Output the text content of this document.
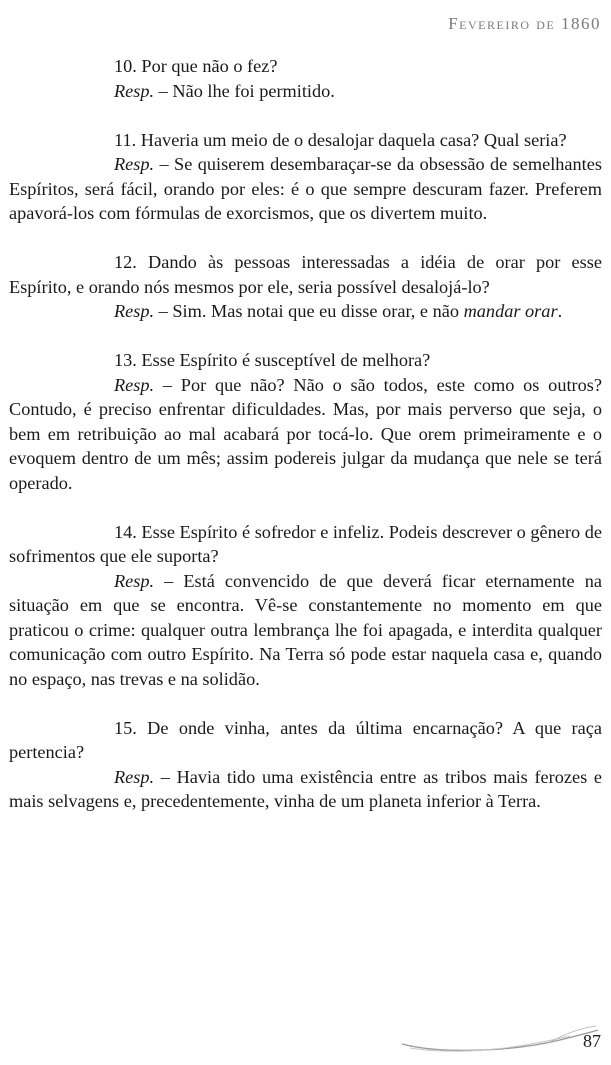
Fevereiro de 1860

10. Por que não o fez?

Resp. – Não lhe foi permitido.

11. Haveria um meio de o desalojar daquela casa? Qual seria?

Resp. – Se quiserem desembaraçar-se da obsessão de semelhantes Espíritos, será fácil, orando por eles: é o que sempre descuram fazer. Preferem apavorá-los com fórmulas de exorcismos, que os divertem muito.

12. Dando às pessoas interessadas a idéia de orar por esse Espírito, e orando nós mesmos por ele, seria possível desalojá-lo?

Resp. – Sim. Mas notai que eu disse orar, e não mandar orar.

13. Esse Espírito é susceptível de melhora?

Resp. – Por que não? Não o são todos, este como os outros? Contudo, é preciso enfrentar dificuldades. Mas, por mais perverso que seja, o bem em retribuição ao mal acabará por tocá-lo. Que orem primeiramente e o evoquem dentro de um mês; assim podereis julgar da mudança que nele se terá operado.

14. Esse Espírito é sofredor e infeliz. Podeis descrever o gênero de sofrimentos que ele suporta?

Resp. – Está convencido de que deverá ficar eternamente na situação em que se encontra. Vê-se constantemente no momento em que praticou o crime: qualquer outra lembrança lhe foi apagada, e interdita qualquer comunicação com outro Espírito. Na Terra só pode estar naquela casa e, quando no espaço, nas trevas e na solidão.

15. De onde vinha, antes da última encarnação? A que raça pertencia?

Resp. – Havia tido uma existência entre as tribos mais ferozes e mais selvagens e, precedentemente, vinha de um planeta inferior à Terra.

87
